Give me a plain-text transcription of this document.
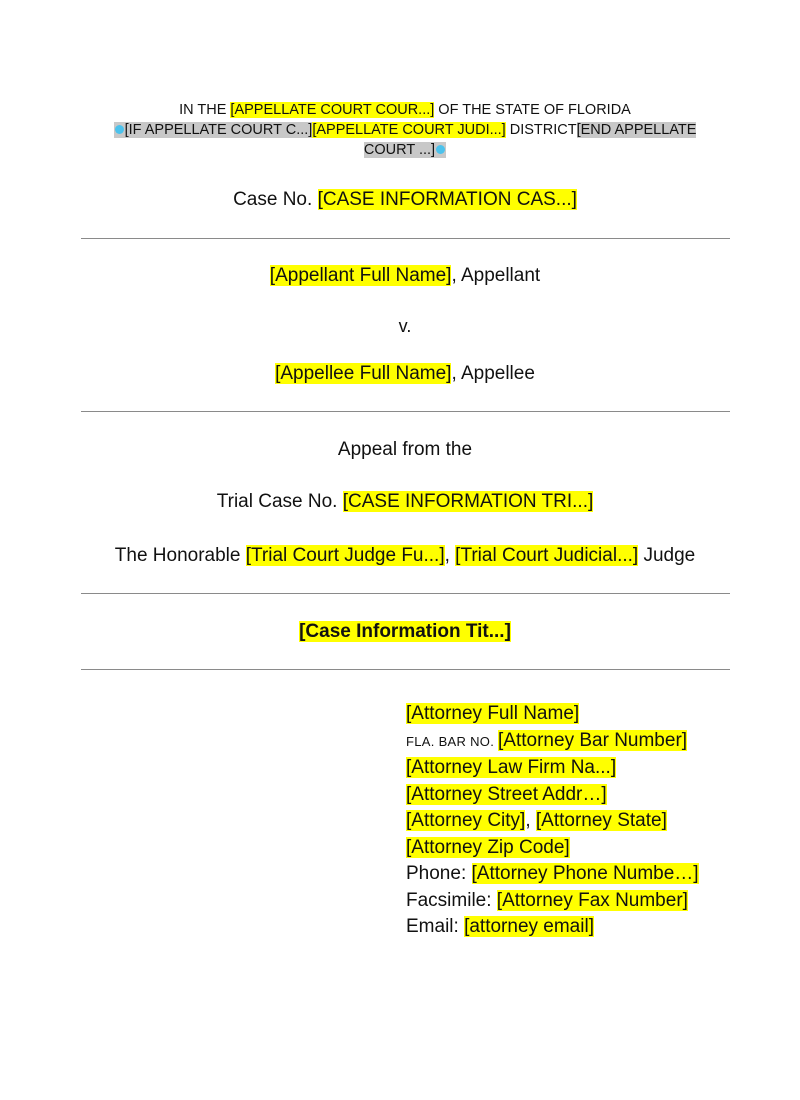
IN THE [APPELLATE COURT COUR...] OF THE STATE OF FLORIDA
[IF APPELLATE COURT C...][APPELLATE COURT JUDI...] DISTRICT[END APPELLATE
COURT ...]
Case No. [CASE INFORMATION CAS...]
[Appellant Full Name], Appellant
v.
[Appellee Full Name], Appellee
Appeal from the
Trial Case No. [CASE INFORMATION TRI...]
The Honorable [Trial Court Judge Fu...], [Trial Court Judicial...] Judge
[Case Information Tit...]
[Attorney Full Name]
FLA. BAR NO. [Attorney Bar Number]
[Attorney Law Firm Na...]
[Attorney Street Addr…]
[Attorney City], [Attorney State]
[Attorney Zip Code]
Phone: [Attorney Phone Numbe…]
Facsimile: [Attorney Fax Number]
Email: [attorney email]
